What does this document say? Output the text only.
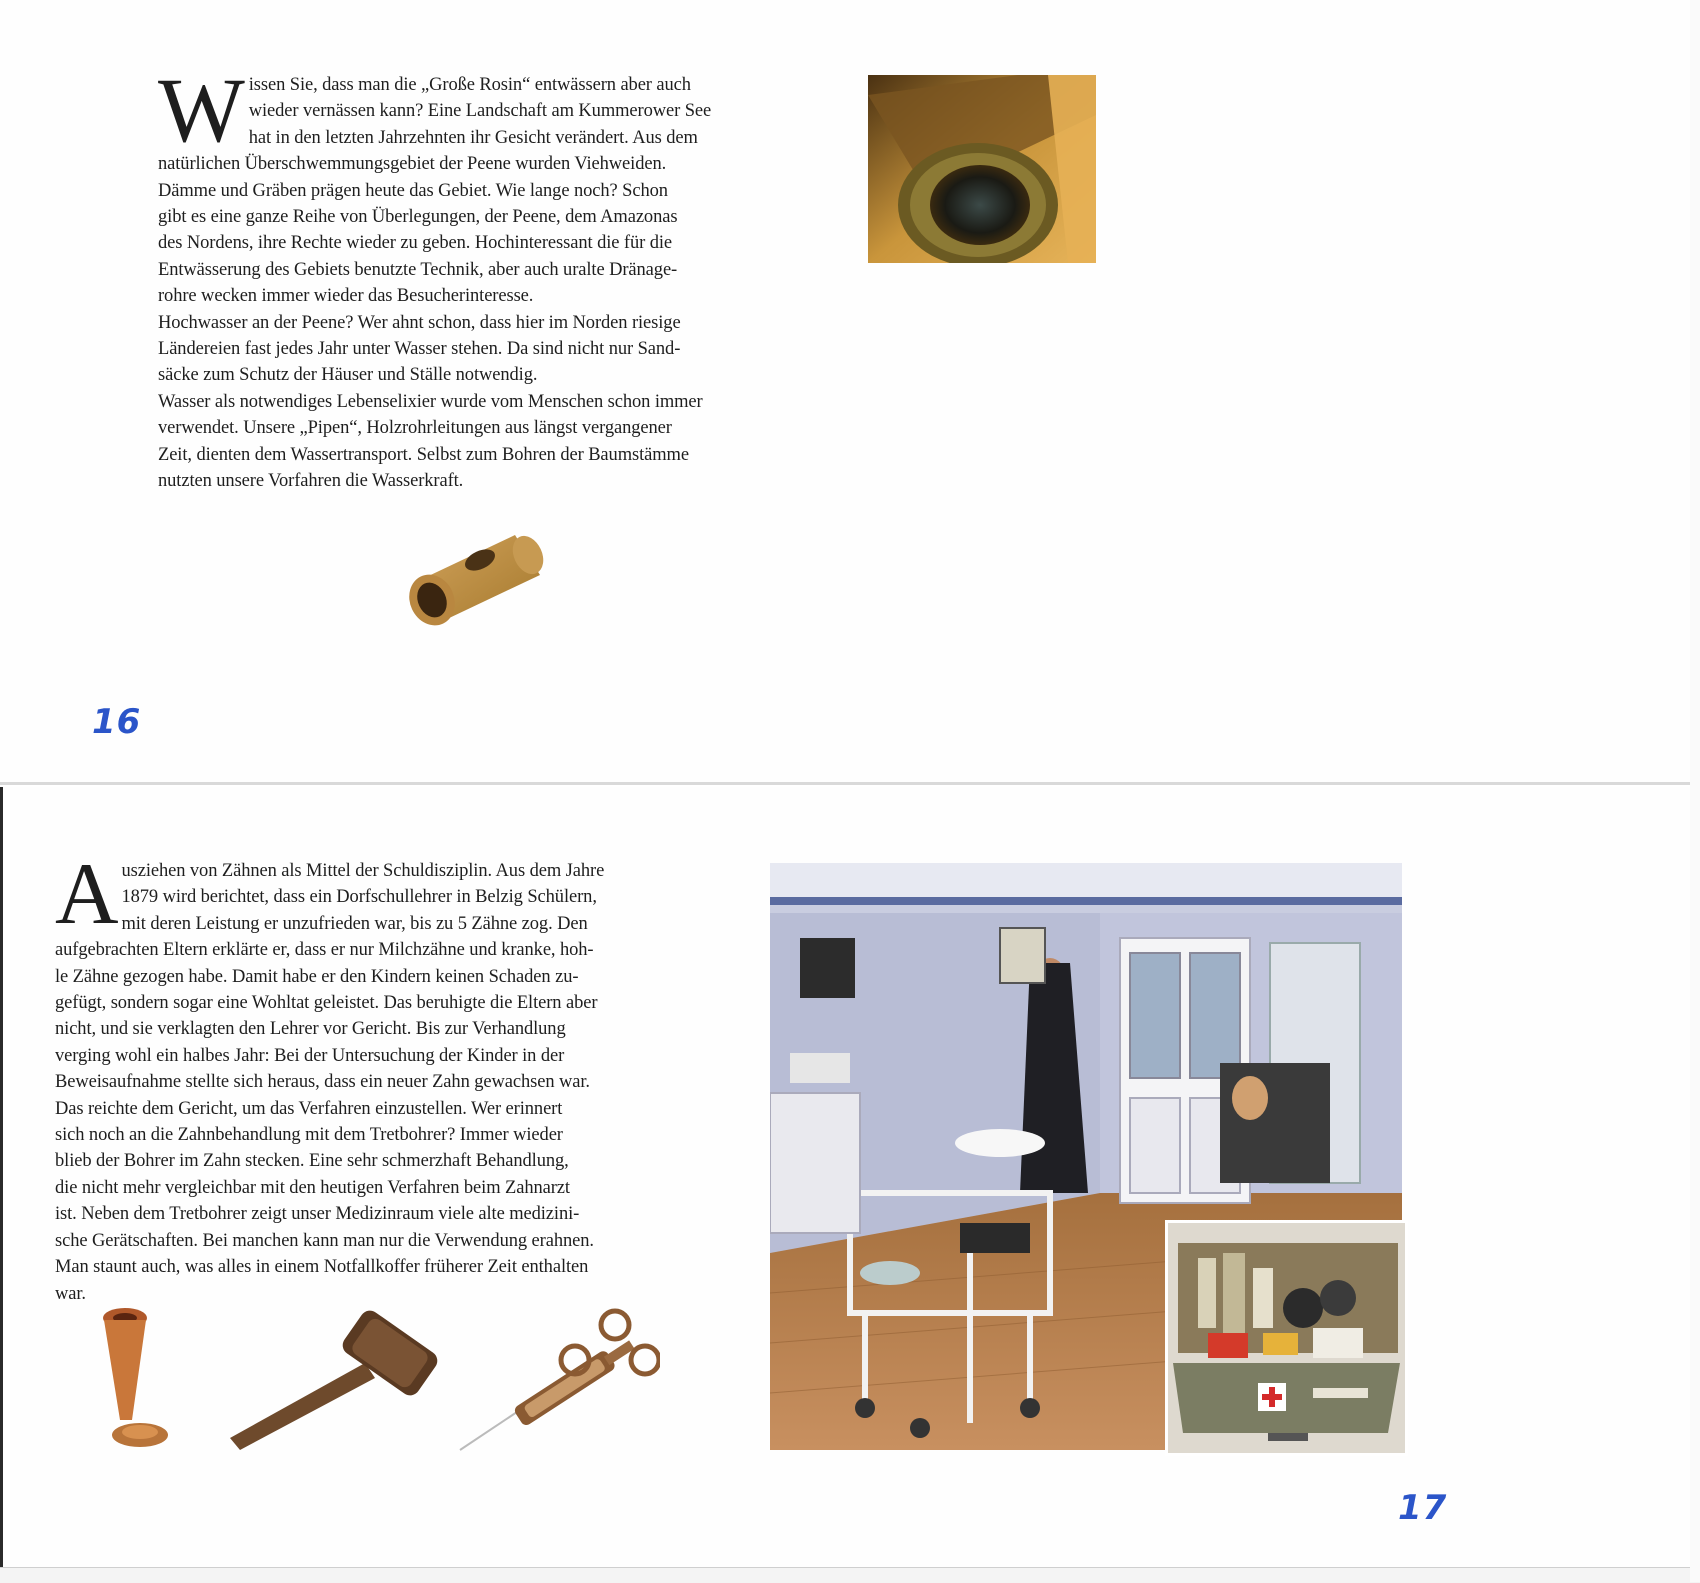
W issen Sie, dass man die „Große Rosin“ entwässern aber auch
wieder vernässen kann? Eine Landschaft am Kummerower See
hat in den letzten Jahrzehnten ihr Gesicht verändert. Aus dem
natürlichen Überschwemmungsgebiet der Peene wurden Viehweiden.
Dämme und Gräben prägen heute das Gebiet. Wie lange noch? Schon
gibt es eine ganze Reihe von Überlegungen, der Peene, dem Amazonas
des Nordens, ihre Rechte wieder zu geben. Hochinteressant die für die
Entwässerung des Gebiets benutzte Technik, aber auch uralte Dränage-
rohre wecken immer wieder das Besucherinteresse.
Hochwasser an der Peene? Wer ahnt schon, dass hier im Norden riesige
Ländereien fast jedes Jahr unter Wasser stehen. Da sind nicht nur Sand-
säcke zum Schutz der Häuser und Ställe notwendig.
Wasser als notwendiges Lebenselixier wurde vom Menschen schon immer
verwendet. Unsere „Pipen“, Holzrohrleitungen aus längst vergangener
Zeit, dienten dem Wassertransport. Selbst zum Bohren der Baumstämme
nutzten unsere Vorfahren die Wasserkraft.
16
A usziehen von Zähnen als Mittel der Schuldisziplin. Aus dem Jahre
1879 wird berichtet, dass ein Dorfschullehrer in Belzig Schülern,
mit deren Leistung er unzufrieden war, bis zu 5 Zähne zog. Den
aufgebrachten Eltern erklärte er, dass er nur Milchzähne und kranke, hoh-
le Zähne gezogen habe. Damit habe er den Kindern keinen Schaden zu-
gefügt, sondern sogar eine Wohltat geleistet. Das beruhigte die Eltern aber
nicht, und sie verklagten den Lehrer vor Gericht. Bis zur Verhandlung
verging wohl ein halbes Jahr: Bei der Untersuchung der Kinder in der
Beweisaufnahme stellte sich heraus, dass ein neuer Zahn gewachsen war.
Das reichte dem Gericht, um das Verfahren einzustellen. Wer erinnert
sich noch an die Zahnbehandlung mit dem Tretbohrer? Immer wieder
blieb der Bohrer im Zahn stecken. Eine sehr schmerzhaft Behandlung,
die nicht mehr vergleichbar mit den heutigen Verfahren beim Zahnarzt
ist. Neben dem Tretbohrer zeigt unser Medizinraum viele alte medizini-
sche Gerätschaften. Bei manchen kann man nur die Verwendung erahnen.
Man staunt auch, was alles in einem Notfallkoffer früherer Zeit enthalten
war.
17
